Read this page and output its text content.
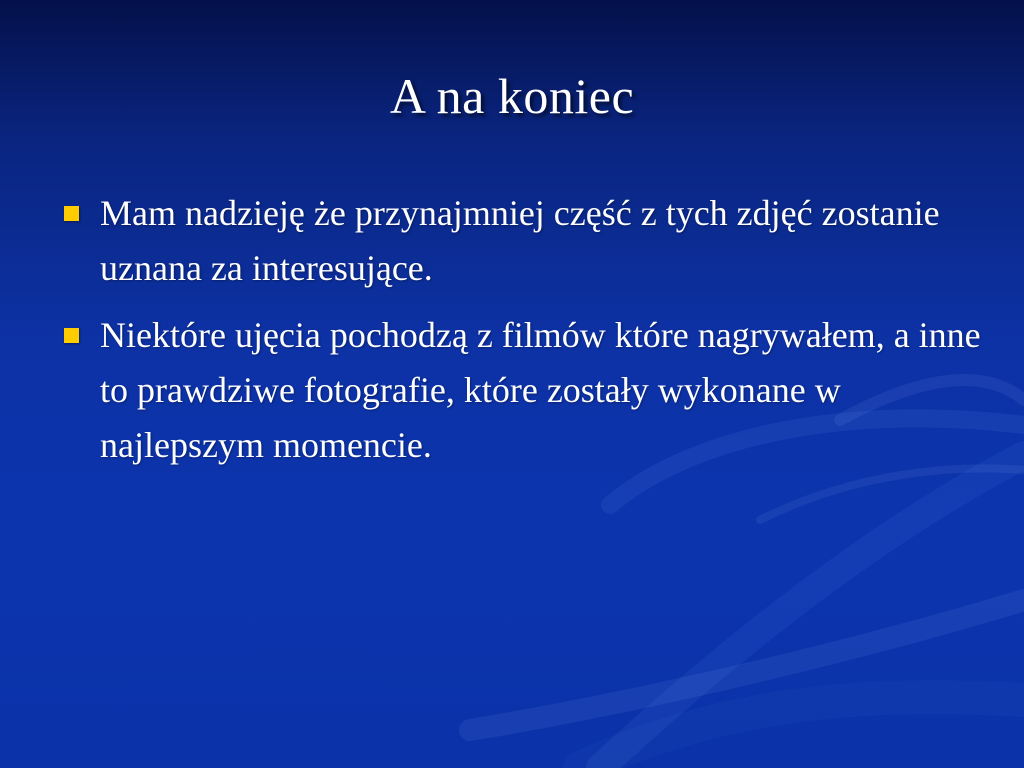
A na koniec
Mam nadzieję że przynajmniej część z tych zdjęć zostanie uznana za interesujące.
Niektóre ujęcia pochodzą z filmów które nagrywałem, a inne to prawdziwe fotografie, które zostały wykonane w najlepszym momencie.
